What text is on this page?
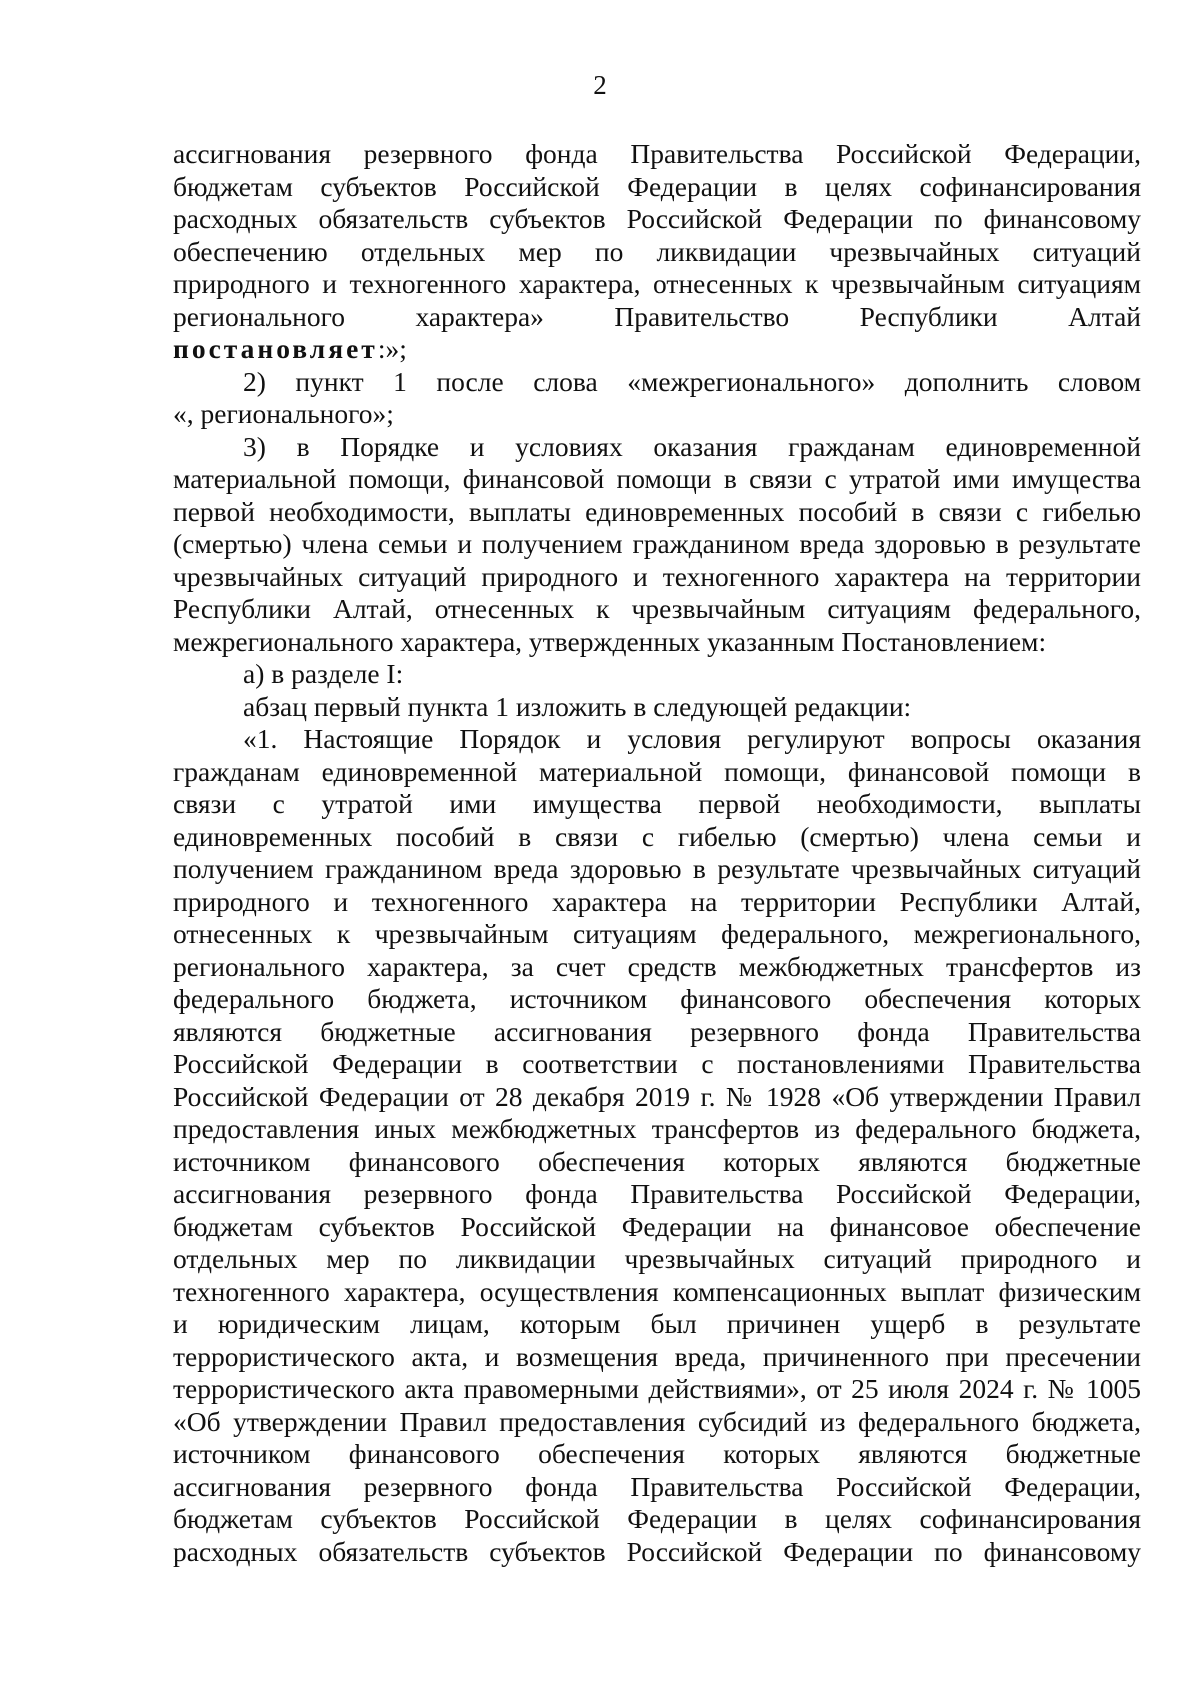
2
ассигнования резервного фонда Правительства Российской Федерации,
бюджетам субъектов Российской Федерации в целях софинансирования
расходных обязательств субъектов Российской Федерации по финансовому
обеспечению отдельных мер по ликвидации чрезвычайных ситуаций
природного и техногенного характера, отнесенных к чрезвычайным ситуациям
регионального характера» Правительство Республики Алтай
постановляет:»;
2) пункт 1 после слова «межрегионального» дополнить словом
«, регионального»;
3) в Порядке и условиях оказания гражданам единовременной
материальной помощи, финансовой помощи в связи с утратой ими имущества
первой необходимости, выплаты единовременных пособий в связи с гибелью
(смертью) члена семьи и получением гражданином вреда здоровью в результате
чрезвычайных ситуаций природного и техногенного характера на территории
Республики Алтай, отнесенных к чрезвычайным ситуациям федерального,
межрегионального характера, утвержденных указанным Постановлением:
а) в разделе I:
абзац первый пункта 1 изложить в следующей редакции:
«1. Настоящие Порядок и условия регулируют вопросы оказания
гражданам единовременной материальной помощи, финансовой помощи в
связи с утратой ими имущества первой необходимости, выплаты
единовременных пособий в связи с гибелью (смертью) члена семьи и
получением гражданином вреда здоровью в результате чрезвычайных ситуаций
природного и техногенного характера на территории Республики Алтай,
отнесенных к чрезвычайным ситуациям федерального, межрегионального,
регионального характера, за счет средств межбюджетных трансфертов из
федерального бюджета, источником финансового обеспечения которых
являются бюджетные ассигнования резервного фонда Правительства
Российской Федерации в соответствии с постановлениями Правительства
Российской Федерации от 28 декабря 2019 г. № 1928 «Об утверждении Правил
предоставления иных межбюджетных трансфертов из федерального бюджета,
источником финансового обеспечения которых являются бюджетные
ассигнования резервного фонда Правительства Российской Федерации,
бюджетам субъектов Российской Федерации на финансовое обеспечение
отдельных мер по ликвидации чрезвычайных ситуаций природного и
техногенного характера, осуществления компенсационных выплат физическим
и юридическим лицам, которым был причинен ущерб в результате
террористического акта, и возмещения вреда, причиненного при пресечении
террористического акта правомерными действиями», от 25 июля 2024 г. № 1005
«Об утверждении Правил предоставления субсидий из федерального бюджета,
источником финансового обеспечения которых являются бюджетные
ассигнования резервного фонда Правительства Российской Федерации,
бюджетам субъектов Российской Федерации в целях софинансирования
расходных обязательств субъектов Российской Федерации по финансовому
